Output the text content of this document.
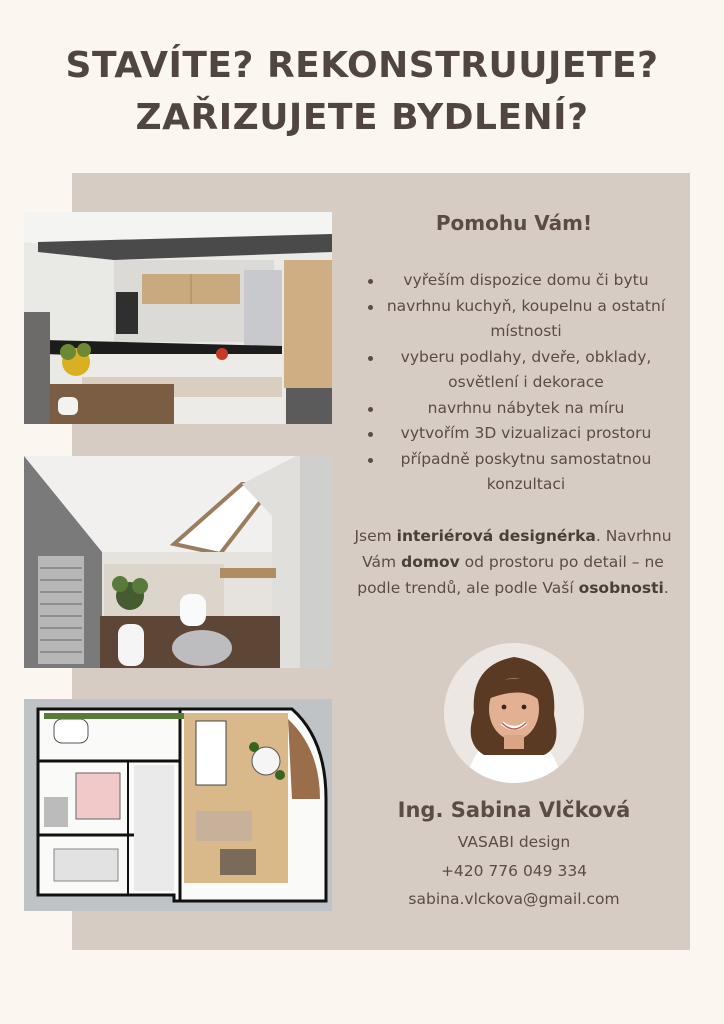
STAVÍTE? REKONSTRUUJETE?
ZAŘIZUJETE BYDLENÍ?
Pomohu Vám!
vyřeším dispozice domu či bytu
navrhnu kuchyň, koupelnu a ostatní místnosti
vyberu podlahy, dveře, obklady, osvětlení i dekorace
navrhnu nábytek na míru
vytvořím 3D vizualizaci prostoru
případně poskytnu samostatnou konzultaci

Jsem interiérová designérka. Navrhnu Vám domov od prostoru po detail – ne podle trendů, ale podle Vaší osobnosti.

Ing. Sabina Vlčková
VASABI design
+420 776 049 334
sabina.vlckova@gmail.com
